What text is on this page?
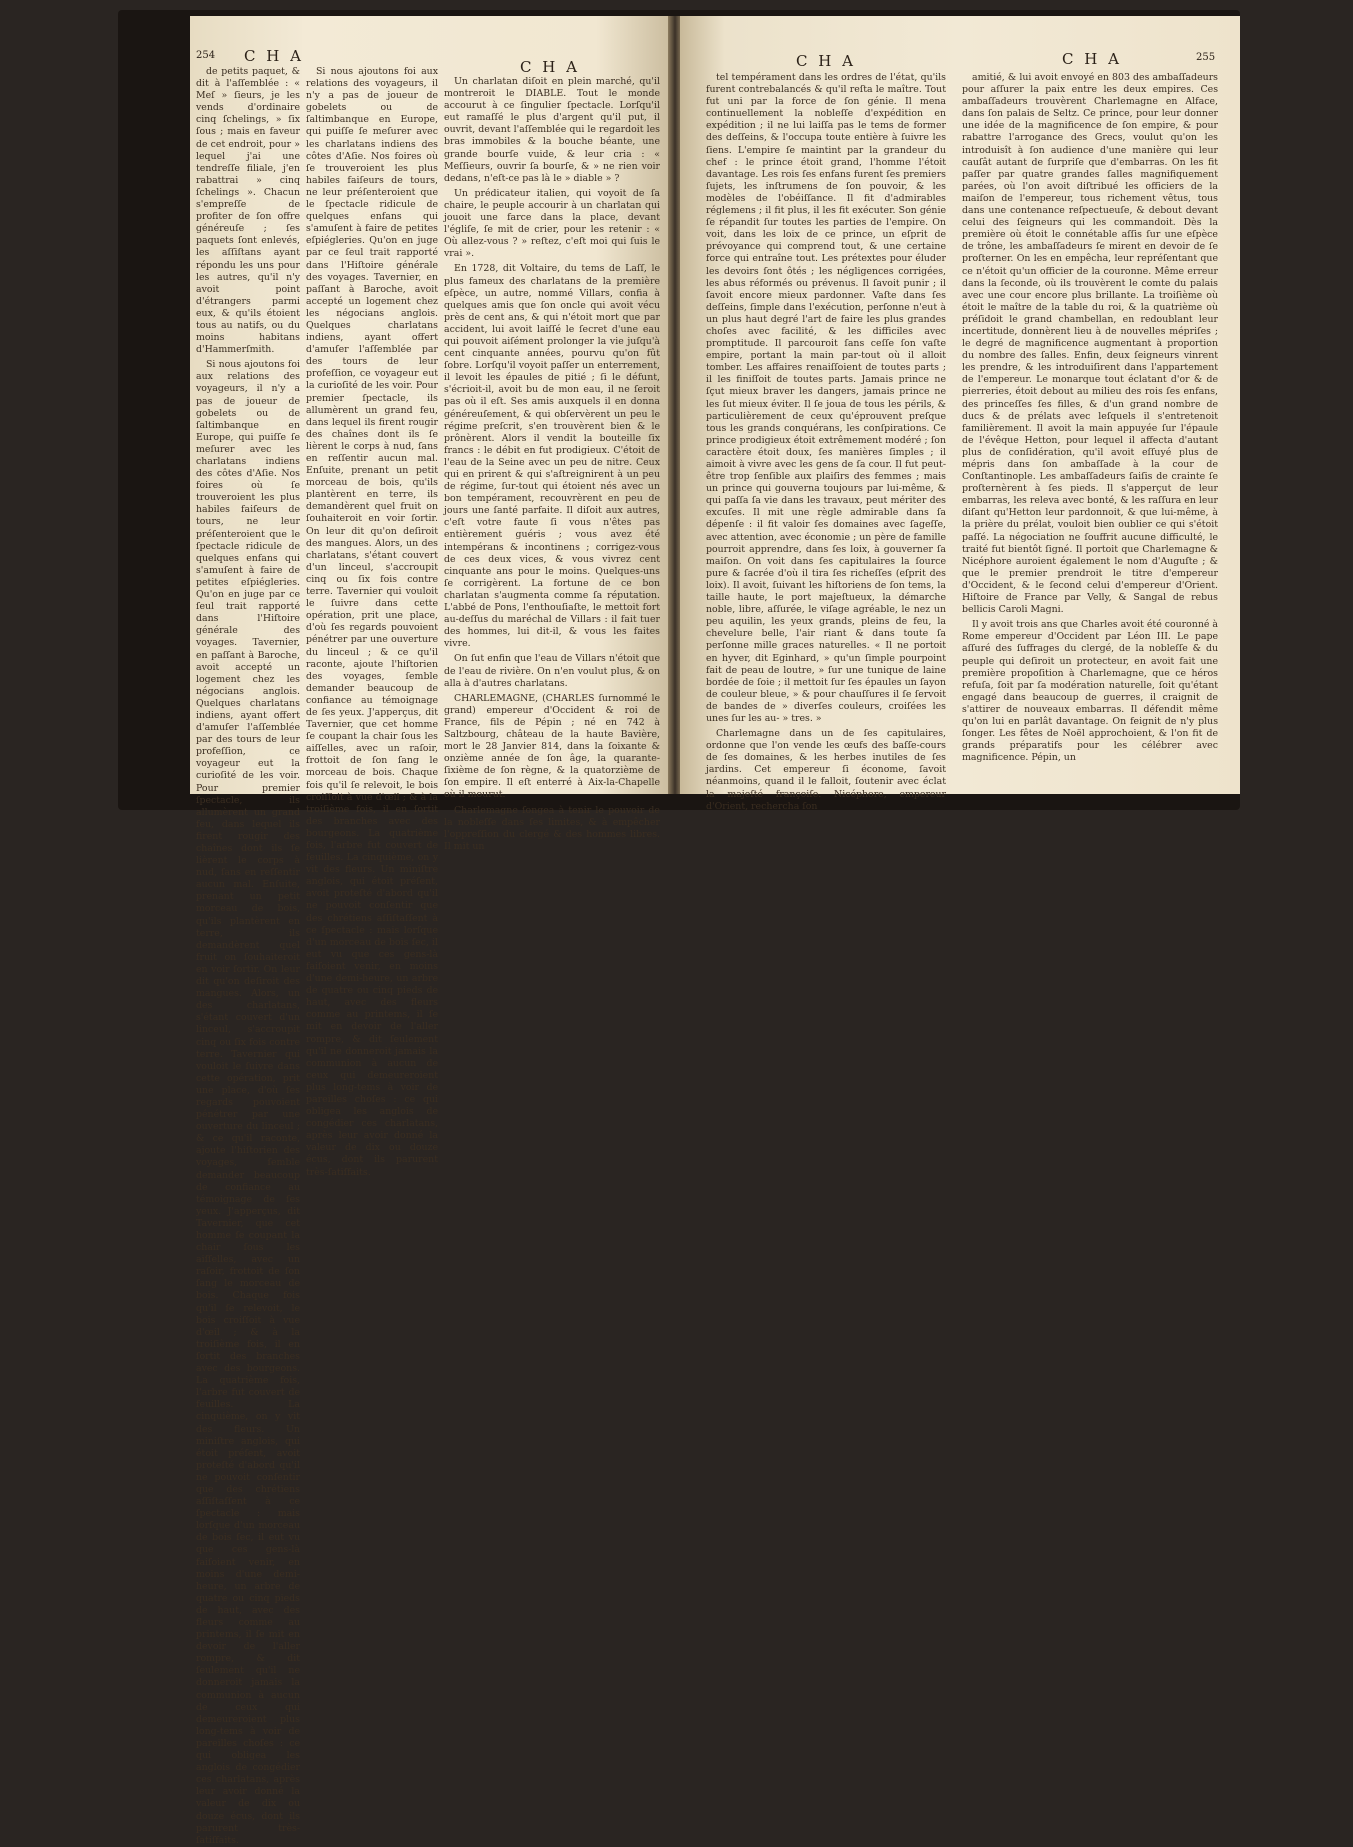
254 C H A

de petits paquet, & dit à l'aſſemblée : « Meſ » ſieurs, je les vends d'ordinaire cinq ſchelings, » ſix ſous ; mais en faveur de cet endroit, pour » lequel j'ai une tendreſſe filiale, j'en rabattrai » cinq ſchelings ». Chacun s'empreſſe de profiter de ſon offre généreuſe ; ſes paquets ſont enlevés, les aſſiſtans ayant répondu les uns pour les autres, qu'il n'y avoit point d'étrangers parmi eux, & qu'ils étoient tous au natifs, ou du moins habitans d'Hammerſmith.

Si nous ajoutons foi aux relations des voyageurs, il n'y a pas de joueur de gobelets ou de ſaltimbanque en Europe, qui puiſſe ſe meſurer avec les charlatans indiens des côtes d'Aſie. Nos foires où ſe trouveroient les plus habiles faiſeurs de tours, ne leur préſenteroient que le ſpectacle ridicule de quelques enfans qui s'amuſent à faire de petites eſpiégleries. Qu'on en juge par ce ſeul trait rapporté dans l'Hiſtoire générale des voyages. Tavernier, en paſſant à Baroche, avoit accepté un logement chez les négocians anglois. Quelques charlatans indiens, ayant offert d'amuſer l'aſſemblée par des tours de leur profeſſion, ce voyageur eut la curioſité de les voir. Pour premier ſpectacle, ils allumèrent un grand feu, dans lequel ils firent rougir des chaînes dont ils ſe lièrent le corps à nud, ſans en reſſentir aucun mal. Enſuite, prenant un petit morceau de bois, qu'ils plantèrent en terre, ils demandèrent quel fruit on ſouhaiteroit en voir ſortir. On leur dit qu'on deſiroit des mangues. Alors, un des charlatans, s'étant couvert d'un linceul, s'accroupit cinq ou ſix fois contre terre. Tavernier qui vouloit le ſuivre dans cette opération, prit une place, d'où ſes regards pouvoient pénétrer par une ouverture du linceul ; & ce qu'il raconte, ajoute l'hiſtorien des voyages, ſemble demander beaucoup de confiance au témoignage de ſes yeux. J'apperçus, dit Tavernier, que cet homme ſe coupant la chair ſous les aiſſelles, avec un raſoir, frottoit de ſon ſang le morceau de bois. Chaque fois qu'il ſe relevoit, le bois croiſſoit à vue d'œil ; & à la troiſième fois, il en ſortit des branches avec des bourgeons. La quatrième fois, l'arbre fut couvert de feuilles. La cinquième, on y vit des fleurs. Un miniſtre anglois, qui étoit préſent, avoit proteſté d'abord qu'il ne pouvoit conſentir que des chrétiens aſſiſtaſſent à ce ſpectacle : mais lorſque d'un morceau de bois ſec, il eut vu que ces gens-là faiſoient venir, en moins d'une demi-heure, un arbre de quatre ou cinq pieds de haut, avec des fleurs comme au printems, il ſe mit en devoir de l'aller rompre, & dit ſeulement qu'il ne donneroit jamais la communion à aucun de ceux qui demeureroient plus long-tems à voir de pareilles choſes : ce qui obligea les anglois de congédier ces charlatans, après leur avoir donné la valeur de dix ou douze écus, dont ils parurent très-ſatiſfaits.

C H A

Un charlatan diſoit en plein marché, qu'il montreroit le DIABLE. Tout le monde accourut à ce ſingulier ſpectacle. Lorſqu'il eut ramaſſé le plus d'argent qu'il put, il ouvrit, devant l'aſſemblée qui le regardoit les bras immobiles & la bouche béante, une grande bourſe vuide, & leur cria : « Meſſieurs, ouvrir ſa bourſe, & » ne rien voir dedans, n'eſt-ce pas là le » diable » ?

Un prédicateur italien, qui voyoit de ſa chaire, le peuple accourir à un charlatan qui jouoit une farce dans la place, devant l'égliſe, ſe mit de crier, pour les retenir : « Où allez-vous ? » reſtez, c'eſt moi qui ſuis le vrai ».

En 1728, dit Voltaire, du tems de Laſſ, le plus fameux des charlatans de la première eſpèce, un autre, nommé Villars, confia à quelques amis que ſon oncle qui avoit vécu près de cent ans, & qui n'étoit mort que par accident, lui avoit laiſſé le ſecret d'une eau qui pouvoit aiſément prolonger la vie juſqu'à cent cinquante années, pourvu qu'on fût ſobre. Lorſqu'il voyoit paſſer un enterrement, il levoit les épaules de pitié ; ſi le défunt, s'écrioit-il, avoit bu de mon eau, il ne ſeroit pas où il eſt. Ses amis auxquels il en donna généreuſement, & qui obſervèrent un peu le régime preſcrit, s'en trouvèrent bien & le prônèrent. Alors il vendit la bouteille ſix francs : le débit en fut prodigieux. C'étoit de l'eau de la Seine avec un peu de nitre. Ceux qui en prirent & qui s'aſtreignirent à un peu de régime, ſur-tout qui étoient nés avec un bon tempérament, recouvrèrent en peu de jours une ſanté parfaite. Il diſoit aux autres, c'eſt votre faute ſi vous n'êtes pas entièrement guéris ; vous avez été intempérans & incontinens ; corrigez-vous de ces deux vices, & vous vivrez cent cinquante ans pour le moins. Quelques-uns ſe corrigèrent. La fortune de ce bon charlatan s'augmenta comme ſa réputation. L'abbé de Pons, l'enthouſiaſte, le mettoit fort au-deſſus du maréchal de Villars : il fait tuer des hommes, lui dit-il, & vous les faites vivre.

On ſut enfin que l'eau de Villars n'étoit que de l'eau de rivière. On n'en voulut plus, & on alla à d'autres charlatans.

CHARLEMAGNE, (CHARLES ſurnommé le grand) empereur d'Occident & roi de France, fils de Pépin ; né en 742 à Saltzbourg, château de la haute Bavière, mort le 28 Janvier 814, dans la ſoixante & onzième année de ſon âge, la quarante-ſixième de ſon règne, & la quatorzième de ſon empire. Il eſt enterré à Aix-la-Chapelle où il mourut.

Charlemagne ſongea à tenir le pouvoir de la nobleſſe dans ſes limites, & à empêcher l'oppreſſion du clergé & des hommes libres. Il mit un

Si nous ajoutons foi aux relations des voyageurs, il n'y a pas de joueur de gobelets ou de ſaltimbanque en Europe, qui puiſſe ſe meſurer avec les charlatans indiens des côtes d'Aſie. Nos foires où ſe trouveroient les plus habiles faiſeurs de tours, ne leur préſenteroient que le ſpectacle ridicule de quelques enfans qui s'amuſent à faire de petites eſpiégleries. Qu'on en juge par ce ſeul trait rapporté dans l'Hiſtoire générale des voyages. Tavernier, en paſſant à Baroche, avoit accepté un logement chez les négocians anglois. Quelques charlatans indiens, ayant offert d'amuſer l'aſſemblée par des tours de leur profeſſion, ce voyageur eut la curioſité de les voir. Pour premier ſpectacle, ils allumèrent un grand feu, dans lequel ils firent rougir des chaînes dont ils ſe lièrent le corps à nud, ſans en reſſentir aucun mal. Enſuite, prenant un petit morceau de bois, qu'ils plantèrent en terre, ils demandèrent quel fruit on ſouhaiteroit en voir ſortir. On leur dit qu'on deſiroit des mangues. Alors, un des charlatans, s'étant couvert d'un linceul, s'accroupit cinq ou ſix fois contre terre. Tavernier qui vouloit le ſuivre dans cette opération, prit une place, d'où ſes regards pouvoient pénétrer par une ouverture du linceul ; & ce qu'il raconte, ajoute l'hiſtorien des voyages, ſemble demander beaucoup de confiance au témoignage de ſes yeux. J'apperçus, dit Tavernier, que cet homme ſe coupant la chair ſous les aiſſelles, avec un raſoir, frottoit de ſon ſang le morceau de bois. Chaque fois qu'il ſe relevoit, le bois croiſſoit à vue d'œil ; & à la troiſième fois, il en ſortit des branches avec des bourgeons. La quatrième fois, l'arbre fut couvert de feuilles. La cinquième, on y vit des fleurs. Un miniſtre anglois, qui étoit préſent, avoit proteſté d'abord qu'il ne pouvoit conſentir que des chrétiens aſſiſtaſſent à ce ſpectacle : mais lorſque d'un morceau de bois ſec, il eut vu que ces gens-là faiſoient venir, en moins d'une demi-heure, un arbre de quatre ou cinq pieds de haut, avec des fleurs comme au printems, il ſe mit en devoir de l'aller rompre, & dit ſeulement qu'il ne donneroit jamais la communion à aucun de ceux qui demeureroient plus long-tems à voir de pareilles choſes : ce qui obligea les anglois de congédier ces charlatans, après leur avoir donné la valeur de dix ou douze écus, dont ils parurent très-ſatiſfaits.

C H A	C H A	255

tel tempérament dans les ordres de l'état, qu'ils furent contrebalancés & qu'il reſta le maître. Tout fut uni par la force de ſon génie. Il mena continuellement la nobleſſe d'expédition en expédition ; il ne lui laiſſa pas le tems de former des deſſeins, & l'occupa toute entière à ſuivre les ſiens. L'empire ſe maintint par la grandeur du chef : le prince étoit grand, l'homme l'étoit davantage. Les rois ſes enfans furent ſes premiers ſujets, les inſtrumens de ſon pouvoir, & les modèles de l'obéiſſance. Il fit d'admirables réglemens ; il fit plus, il les fit exécuter. Son génie ſe répandit ſur toutes les parties de l'empire. On voit, dans les loix de ce prince, un eſprit de prévoyance qui comprend tout, & une certaine force qui entraîne tout. Les prétextes pour éluder les devoirs ſont ôtés ; les négligences corrigées, les abus réformés ou prévenus. Il ſavoit punir ; il ſavoit encore mieux pardonner. Vaſte dans ſes deſſeins, ſimple dans l'exécution, perſonne n'eut à un plus haut degré l'art de faire les plus grandes choſes avec facilité, & les difficiles avec promptitude. Il parcouroit ſans ceſſe ſon vaſte empire, portant la main par-tout où il alloit tomber. Les affaires renaiſſoient de toutes parts ; il les finiſſoit de toutes parts. Jamais prince ne ſçut mieux braver les dangers, jamais prince ne les ſut mieux éviter. Il ſe joua de tous les périls, & particulièrement de ceux qu'éprouvent preſque tous les grands conquérans, les conſpirations. Ce prince prodigieux étoit extrêmement modéré ; ſon caractère étoit doux, ſes manières ſimples ; il aimoit à vivre avec les gens de ſa cour. Il fut peut-être trop ſenſible aux plaiſirs des femmes ; mais un prince qui gouverna toujours par lui-même, & qui paſſa ſa vie dans les travaux, peut mériter des excuſes. Il mit une règle admirable dans ſa dépenſe : il fit valoir ſes domaines avec ſageſſe, avec attention, avec économie ; un père de famille pourroit apprendre, dans ſes loix, à gouverner ſa maiſon. On voit dans ſes capitulaires la ſource pure & ſacrée d'où il tira ſes richeſſes (eſprit des loix). Il avoit, ſuivant les hiſtoriens de ſon tems, la taille haute, le port majeſtueux, la démarche noble, libre, aſſurée, le viſage agréable, le nez un peu aquilin, les yeux grands, pleins de feu, la chevelure belle, l'air riant & dans toute ſa perſonne mille graces naturelles. « Il ne portoit en hyver, dit Eginhard, » qu'un ſimple pourpoint fait de peau de loutre, » ſur une tunique de laine bordée de ſoie ; il mettoit ſur ſes épaules un ſayon de couleur bleue, » & pour chauſſures il ſe ſervoit de bandes de » diverſes couleurs, croiſées les unes ſur les au- » tres. »

Charlemagne dans un de ſes capitulaires, ordonne que l'on vende les œufs des baſſe-cours de ſes domaines, & les herbes inutiles de ſes jardins. Cet empereur ſi économe, ſavoit néanmoins, quand il le falloit, ſoutenir avec éclat la majeſté françoiſe. Nicéphore, empereur d'Orient, rechercha ſon

amitié, & lui avoit envoyé en 803 des ambaſſadeurs pour aſſurer la paix entre les deux empires. Ces ambaſſadeurs trouvèrent Charlemagne en Alface, dans ſon palais de Seltz. Ce prince, pour leur donner une idée de la magnificence de ſon empire, & pour rabattre l'arrogance des Grecs, voulut qu'on les introduisît à ſon audience d'une manière qui leur cauſât autant de ſurpriſe que d'embarras. On les fit paſſer par quatre grandes ſalles magnifiquement parées, où l'on avoit diſtribué les officiers de la maiſon de l'empereur, tous richement vêtus, tous dans une contenance reſpectueuſe, & debout devant celui des ſeigneurs qui les commandoit. Dès la première où étoit le connétable aſſis ſur une eſpèce de trône, les ambaſſadeurs ſe mirent en devoir de ſe proſterner. On les en empêcha, leur repréſentant que ce n'étoit qu'un officier de la couronne. Même erreur dans la ſeconde, où ils trouvèrent le comte du palais avec une cour encore plus brillante. La troiſième où étoit le maître de la table du roi, & la quatrième où préſidoit le grand chambellan, en redoublant leur incertitude, donnèrent lieu à de nouvelles mépriſes ; le degré de magnificence augmentant à proportion du nombre des ſalles. Enfin, deux ſeigneurs vinrent les prendre, & les introduiſirent dans l'appartement de l'empereur. Le monarque tout éclatant d'or & de pierreries, étoit debout au milieu des rois ſes enfans, des princeſſes ſes filles, & d'un grand nombre de ducs & de prélats avec leſquels il s'entretenoit familièrement. Il avoit la main appuyée ſur l'épaule de l'évêque Hetton, pour lequel il affecta d'autant plus de conſidération, qu'il avoit eſſuyé plus de mépris dans ſon ambaſſade à la cour de Conſtantinople. Les ambaſſadeurs ſaiſis de crainte ſe proſternèrent à ſes pieds. Il s'apperçut de leur embarras, les releva avec bonté, & les raſſura en leur diſant qu'Hetton leur pardonnoit, & que lui-même, à la prière du prélat, vouloit bien oublier ce qui s'étoit paſſé. La négociation ne ſouffrit aucune difficulté, le traité fut bientôt ſigné. Il portoit que Charlemagne & Nicéphore auroient également le nom d'Auguſte ; & que le premier prendroit le titre d'empereur d'Occident, & le ſecond celui d'empereur d'Orient. Hiſtoire de France par Velly, & Sangal de rebus bellicis Caroli Magni.

Il y avoit trois ans que Charles avoit été couronné à Rome empereur d'Occident par Léon III. Le pape aſſuré des ſuffrages du clergé, de la nobleſſe & du peuple qui deſiroit un protecteur, en avoit fait une première propoſition à Charlemagne, que ce héros refuſa, ſoit par ſa modération naturelle, ſoit qu'étant engagé dans beaucoup de guerres, il craignit de s'attirer de nouveaux embarras. Il défendit même qu'on lui en parlât davantage. On feignit de n'y plus ſonger. Les fêtes de Noël approchoient, & l'on fit de grands préparatifs pour les célébrer avec magnificence. Pépin, un
